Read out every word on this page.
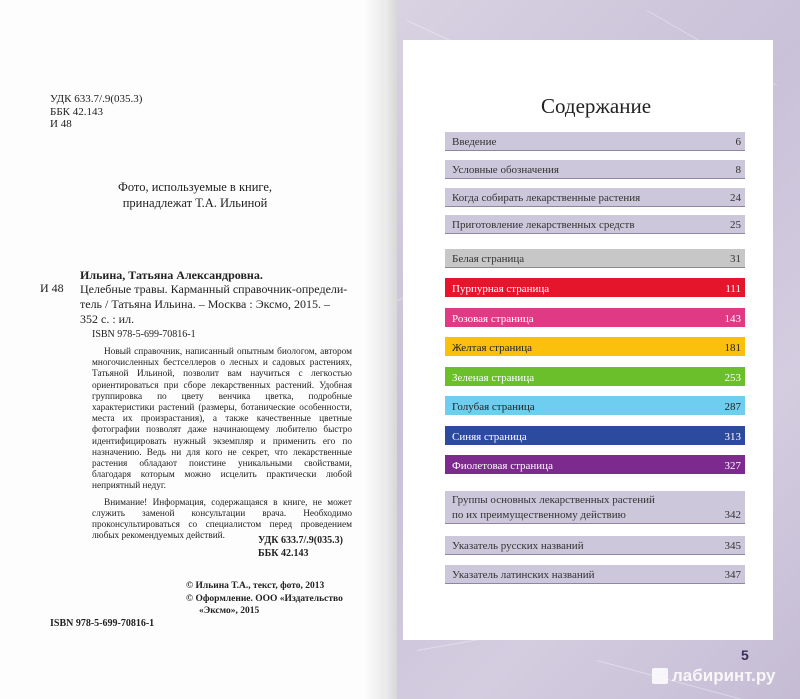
УДК 633.7/.9(035.3)
ББК 42.143
И 48
Фото, используемые в книге,
принадлежат Т.А. Ильиной
Ильина, Татьяна Александровна.
И 48 Целебные травы. Карманный справочник-определи-
тель / Татьяна Ильина. – Москва : Эксмо, 2015. –
352 с. : ил.
ISBN 978-5-699-70816-1

Новый справочник, написанный опытным биологом, автором многочисленных бестселлеров о лесных и садовых растениях, Татьяной Ильиной, позволит вам научиться с легкостью ориентироваться при сборе лекарственных растений. Удобная группировка по цвету венчика цветка, подробные характеристики растений (размеры, ботанические особенности, места их произрастания), а также качественные цветные фотографии позволят даже начинающему любителю быстро идентифицировать нужный экземпляр и применить его по назначению. Ведь ни для кого не секрет, что лекарственные растения обладают поистине уникальными свойствами, благодаря которым можно исцелить практически любой неприятный недуг.

Внимание! Информация, содержащаяся в книге, не может служить заменой консультации врача. Необходимо проконсультироваться со специалистом перед проведением любых рекомендуемых действий.	УДК 633.7/.9(035.3)
ББК 42.143
© Ильина Т.А., текст, фото, 2013
© Оформление. ООО «Издательство
«Эксмо», 2015
ISBN 978-5-699-70816-1
Содержание
Введение	6
Условные обозначения	8
Когда собирать лекарственные растения	24
Приготовление лекарственных средств	25
Белая страница	31
Пурпурная страница	111
Розовая страница	143
Желтая страница	181
Зеленая страница	253
Голубая страница	287
Синяя страница	313
Фиолетовая страница	327
Группы основных лекарственных растений
по их преимущественному действию	342
Указатель русских названий	345
Указатель латинских названий	347
5
лабиринт.ру
